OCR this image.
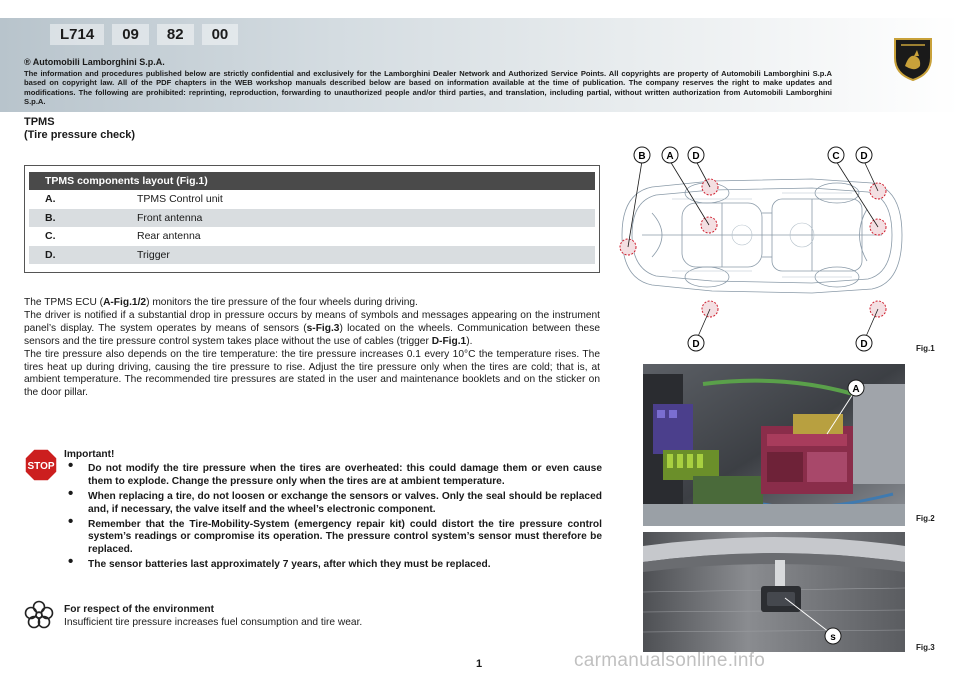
L714	09	82	00
® Automobili Lamborghini S.p.A.
The information and procedures published below are strictly confidential and exclusively for the Lamborghini Dealer Network and Authorized Service Points. All copyrights are property of Automobili Lamborghini S.p.A based on copyright law. All of the PDF chapters in the WEB workshop manuals described below are based on information available at the time of publication. The company reserves the right to make updates and modifications. The following are prohibited: reprinting, reproduction, forwarding to unauthorized people and/or third parties, and translation, including partial, without written authorization from Automobili Lamborghini S.p.A.
TPMS
(Tire pressure check)
TPMS components layout (Fig.1)
A.	TPMS Control unit
B.	Front antenna
C.	Rear antenna
D.	Trigger

The TPMS ECU (A-Fig.1/2) monitors the tire pressure of the four wheels during driving.

The driver is notified if a substantial drop in pressure occurs by means of symbols and messages appearing on the instrument panel’s display. The system operates by means of sensors (s-Fig.3) located on the wheels. Communication between these sensors and the tire pressure control system takes place without the use of cables (trigger D-Fig.1).

The tire pressure also depends on the tire temperature: the tire pressure increases 0.1 every 10°C the temperature rises. The tires heat up during driving, causing the tire pressure to rise. Adjust the tire pressure only when the tires are cold; that is, at ambient temperature. The recommended tire pressures are stated in the user and maintenance booklets and on the sticker on the door pillar.

STOP
Important!
• Do not modify the tire pressure when the tires are overheated: this could damage them or even cause them to explode. Change the pressure only when the tires are at ambient temperature.
• When replacing a tire, do not loosen or exchange the sensors or valves. Only the seal should be replaced and, if necessary, the valve itself and the wheel’s electronic component.
• Remember that the Tire-Mobility-System (emergency repair kit) could distort the tire pressure control system’s readings or compromise its operation. The pressure control system’s sensor must therefore be replaced.
• The sensor batteries last approximately 7 years, after which they must be replaced.
For respect of the environment
Insufficient tire pressure increases fuel consumption and tire wear.
1
B A D	C D
D	D	Fig.1
A
Fig.2
s
Fig.3
carmanualsonline.info
